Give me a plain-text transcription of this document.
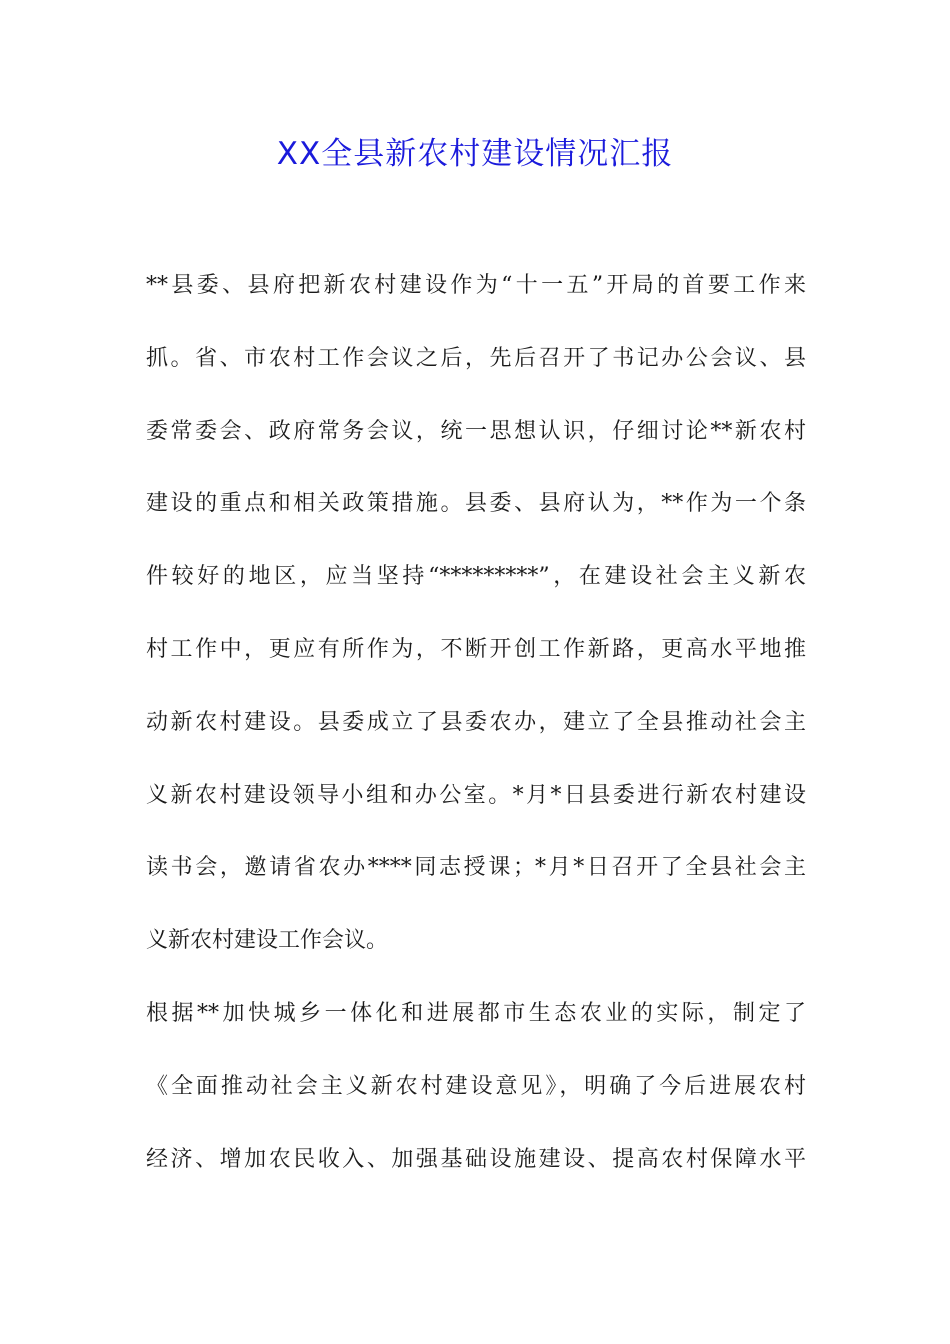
XX全县新农村建设情况汇报
**县委、县府把新农村建设作为“十一五”开局的首要工作来
抓。省、市农村工作会议之后，先后召开了书记办公会议、县
委常委会、政府常务会议，统一思想认识，仔细讨论**新农村
建设的重点和相关政策措施。县委、县府认为，**作为一个条
件较好的地区，应当坚持“*********”，在建设社会主义新农
村工作中，更应有所作为，不断开创工作新路，更高水平地推
动新农村建设。县委成立了县委农办，建立了全县推动社会主
义新农村建设领导小组和办公室。*月*日县委进行新农村建设
读书会，邀请省农办****同志授课；*月*日召开了全县社会主
义新农村建设工作会议。
根据**加快城乡一体化和进展都市生态农业的实际，制定了
《全面推动社会主义新农村建设意见》，明确了今后进展农村
经济、增加农民收入、加强基础设施建设、提高农村保障水平
